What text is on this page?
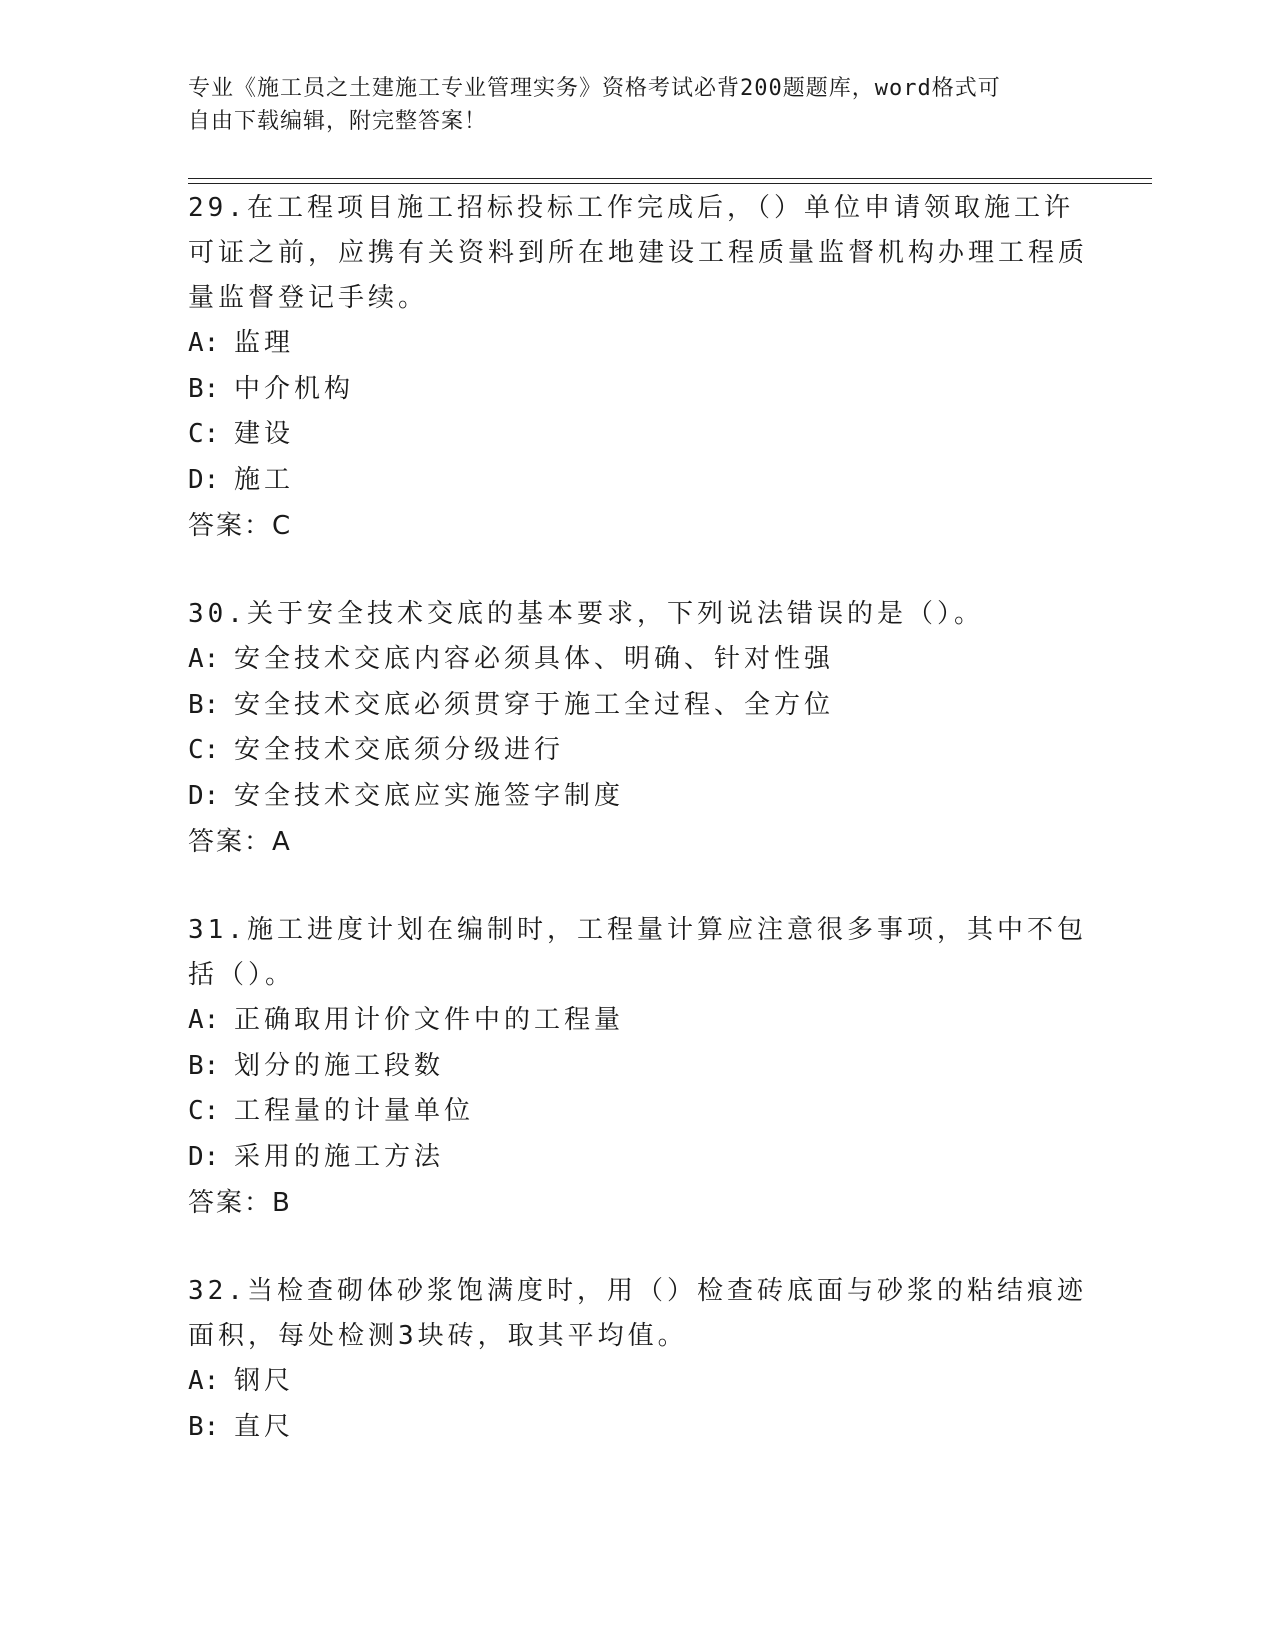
专业《施工员之土建施工专业管理实务》资格考试必背200题题库，word格式可
自由下载编辑，附完整答案！

29.在工程项目施工招标投标工作完成后，（）单位申请领取施工许可证之前，应携有关资料到所在地建设工程质量监督机构办理工程质量监督登记手续。

A: 监理

B: 中介机构

C: 建设

D: 施工

答案：C

30.关于安全技术交底的基本要求，下列说法错误的是（）。

A: 安全技术交底内容必须具体、明确、针对性强

B: 安全技术交底必须贯穿于施工全过程、全方位

C: 安全技术交底须分级进行

D: 安全技术交底应实施签字制度

答案：A

31.施工进度计划在编制时，工程量计算应注意很多事项，其中不包括（）。

A: 正确取用计价文件中的工程量

B: 划分的施工段数

C: 工程量的计量单位

D: 采用的施工方法

答案：B

32.当检查砌体砂浆饱满度时，用（）检查砖底面与砂浆的粘结痕迹面积，每处检测3块砖，取其平均值。

A: 钢尺

B: 直尺
